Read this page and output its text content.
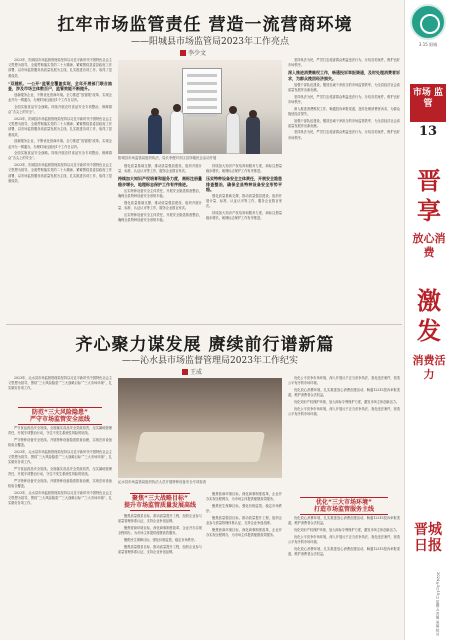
扛牢市场监管责任 营造一流营商环境
——阳城县市场监管局2023年工作亮点
李少文

2023年，阳城县市场监督管理局坚持以习近平新时代中国特色社会主义思想为指导，全面贯彻落实党的二十大精神，紧紧围绕县委县政府工作部署，以市场监管服务高质量发展为主线，扎实推进各项工作，取得了显著成效。

“双随机、一公开”监管全覆盖实现，全年开展部门联合抽查，涉及市场主体数百户，监管效能不断提升。

创新服务企业，不断优化营商环境。全力推进“放管服”改革，实现企业开办一网通办，办理时间压缩至1个工作日以内。

全面实施食品安全战略。持续开展农村食品安全专项整治，保障群众“舌尖上的安全”。

2023年，阳城县市场监督管理局坚持以习近平新时代中国特色社会主义思想为指导，全面贯彻落实党的二十大精神，紧紧围绕县委县政府工作部署，以市场监管服务高质量发展为主线，扎实推进各项工作，取得了显著成效。

创新服务企业，不断优化营商环境。全力推进“放管服”改革，实现企业开办一网通办，办理时间压缩至1个工作日以内。

全面实施食品安全战略。持续开展农村食品安全专项整治，保障群众“舌尖上的安全”。

2023年，阳城县市场监督管理局坚持以习近平新时代中国特色社会主义思想为指导，全面贯彻落实党的二十大精神，紧紧围绕县委县政府工作部署，以市场监管服务高质量发展为主线，扎实推进各项工作，取得了显著成效。

阳城县市场监管局组织执法、局长李俊对市区县所辖民企活动开展

强化质量基础支撑，推动质量强县建设，组织开展计量、标准、认证认可等工作，服务企业数百家次。

持续加大知识产权培育和服务力度，商标注册量稳步增长，地理标志保护工作有序推进。

压实特种设备安全主体责任，开展安全隐患排查整治，确保全县特种设备安全形势平稳。

强化质量基础支撑，推动质量强县建设，组织开展计量、标准、认证认可等工作，服务企业数百家次。

压实特种设备安全主体责任，开展安全隐患排查整治，确保全县特种设备安全形势平稳。

持续加大知识产权培育和服务力度，商标注册量稳步增长，地理标志保护工作有序推进。

压实特种设备安全主体责任，开展安全隐患排查整治，确保全县特种设备安全形势平稳。

强化质量基础支撑，推动质量强县建设，组织开展计量、标准、认证认可等工作，服务企业数百家次。

持续加大知识产权培育和服务力度，商标注册量稳步增长，地理标志保护工作有序推进。

坚持执法为民，严厉打击侵害群众利益违法行为，办结各类案件，维护良好市场秩序。

深入推进消费维权工作，畅通投诉举报渠道，及时处理消费者诉求，为群众挽回经济损失。

加强干部队伍建设，锻造忠诚干净担当的市场监管铁军，为全县经济社会高质量发展作出新贡献。

坚持执法为民，严厉打击侵害群众利益违法行为，办结各类案件，维护良好市场秩序。

深入推进消费维权工作，畅通投诉举报渠道，及时处理消费者诉求，为群众挽回经济损失。

加强干部队伍建设，锻造忠诚干净担当的市场监管铁军，为全县经济社会高质量发展作出新贡献。

坚持执法为民，严厉打击侵害群众利益违法行为，办结各类案件，维护良好市场秩序。

齐心聚力谋发展 赓续前行谱新篇
——沁水县市场监督管理局2023年工作纪实
王成

2023年，沁水县市场监督管理局坚持以习近平新时代中国特色社会主义思想为指导，围绕“三大风险隐患”“三大战略目标”“三大市场环境”，扎实做好各项工作。

防范“三大风险隐患”
严守市场监管安全底线

严守食品药品安全底线。全面落实食品安全党政同责，压实属地管理责任，开展专项整治行动，守住不发生系统性风险的底线。

严守特种设备安全底线。开展特种设备隐患排查治理，实现在用设备检验全覆盖。

2023年，沁水县市场监督管理局坚持以习近平新时代中国特色社会主义思想为指导，围绕“三大风险隐患”“三大战略目标”“三大市场环境”，扎实做好各项工作。

严守食品药品安全底线。全面落实食品安全党政同责，压实属地管理责任，开展专项整治行动，守住不发生系统性风险的底线。

严守特种设备安全底线。开展特种设备隐患排查治理，实现在用设备检验全覆盖。

2023年，沁水县市场监督管理局坚持以习近平新时代中国特色社会主义思想为指导，围绕“三大风险隐患”“三大战略目标”“三大市场环境”，扎实做好各项工作。

沁水县市场监管局组织执法人员开展特种设备安全专项检查
聚焦“三大战略目标”
提升市场监管质量发展高线

聚焦质量强县目标，推动质量提升工程，组织企业参与质量管理体系认证，支持企业争创品牌。

聚焦营商环境目标，深化商事制度改革，企业开办实现全程网办，为市场主体提供便捷高效服务。

聚焦民生保障目标，强化价格监管，稳定市场秩序。

聚焦质量强县目标，推动质量提升工程，组织企业参与质量管理体系认证，支持企业争创品牌。

聚焦营商环境目标，深化商事制度改革，企业开办实现全程网办，为市场主体提供便捷高效服务。

聚焦民生保障目标，强化价格监管，稳定市场秩序。

聚焦质量强县目标，推动质量提升工程，组织企业参与质量管理体系认证，支持企业争创品牌。

聚焦营商环境目标，深化商事制度改革，企业开办实现全程网办，为市场主体提供便捷高效服务。

优化公平竞争市场环境，深入开展反不正当竞争执法，查处违法案件，营造公平有序的市场环境。

优化放心消费环境，扎实推进放心消费创建活动，畅通12315投诉举报渠道，维护消费者合法权益。

优化知识产权保护环境，加大商标专利保护力度，激发市场主体创新活力。

优化公平竞争市场环境，深入开展反不正当竞争执法，查处违法案件，营造公平有序的市场环境。

优化“三大市场环境”
打造市场监管服务主线

优化放心消费环境，扎实推进放心消费创建活动，畅通12315投诉举报渠道，维护消费者合法权益。

优化知识产权保护环境，加大商标专利保护力度，激发市场主体创新活力。

优化公平竞争市场环境，深入开展反不正当竞争执法，查处违法案件，营造公平有序的市场环境。

优化放心消费环境，扎实推进放心消费创建活动，畅通12315投诉举报渠道，维护消费者合法权益。

3.15 阳城
市场 监管
13
晋
享
放心消费
激
发
消费活力
晋城日报
2024年3月15日 星期五 责编 美编 校对
